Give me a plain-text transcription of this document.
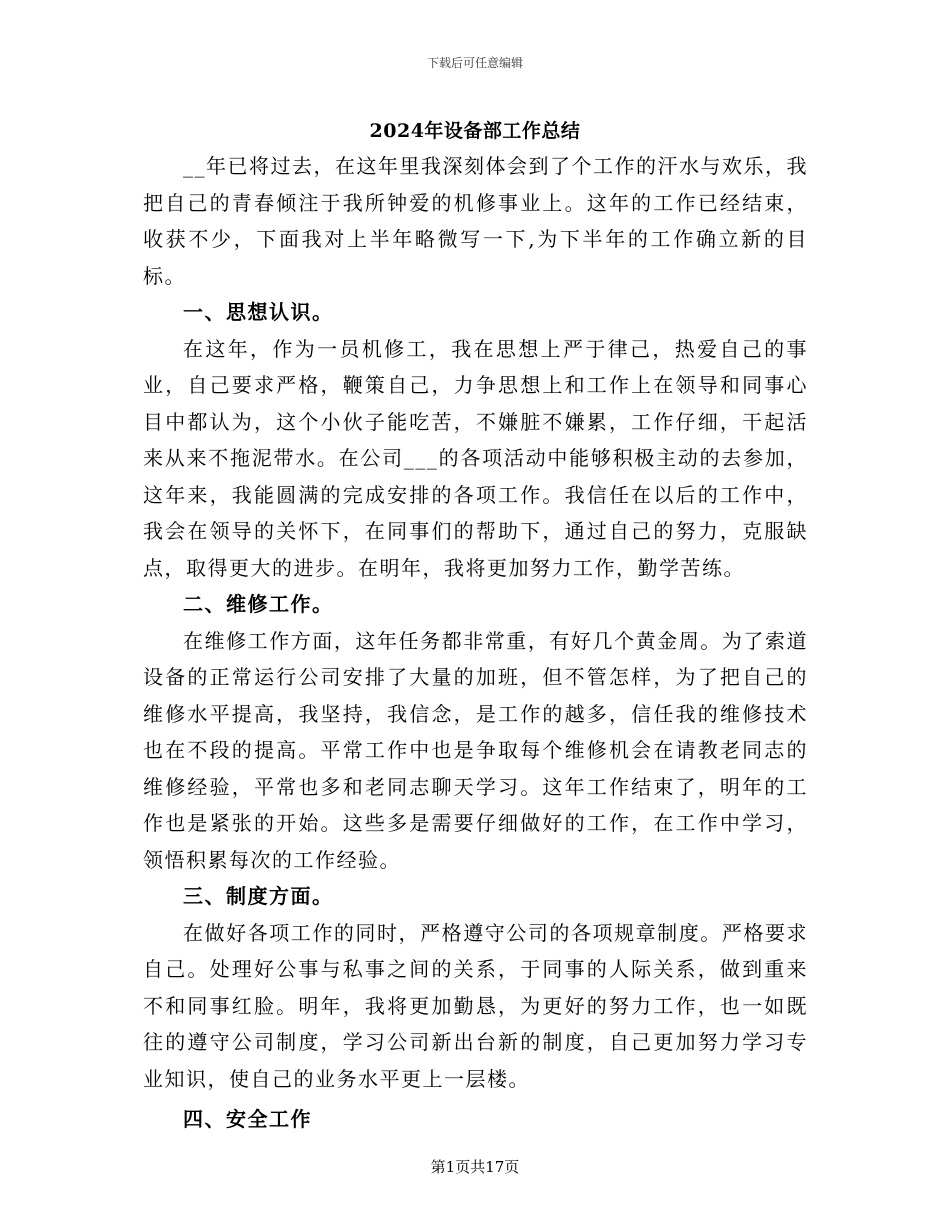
下载后可任意编辑
2024年设备部工作总结

__年已将过去，在这年里我深刻体会到了个工作的汗水与欢乐，我把自己的青春倾注于我所钟爱的机修事业上。这年的工作已经结束，收获不少，下面我对上半年略微写一下,为下半年的工作确立新的目标。

一、思想认识。

在这年，作为一员机修工，我在思想上严于律己，热爱自己的事业，自己要求严格，鞭策自己，力争思想上和工作上在领导和同事心目中都认为，这个小伙子能吃苦，不嫌脏不嫌累，工作仔细，干起活来从来不拖泥带水。在公司___的各项活动中能够积极主动的去参加，这年来，我能圆满的完成安排的各项工作。我信任在以后的工作中，我会在领导的关怀下，在同事们的帮助下，通过自己的努力，克服缺点，取得更大的进步。在明年，我将更加努力工作，勤学苦练。

二、维修工作。

在维修工作方面，这年任务都非常重，有好几个黄金周。为了索道设备的正常运行公司安排了大量的加班，但不管怎样，为了把自己的维修水平提高，我坚持，我信念，是工作的越多，信任我的维修技术也在不段的提高。平常工作中也是争取每个维修机会在请教老同志的维修经验，平常也多和老同志聊天学习。这年工作结束了，明年的工作也是紧张的开始。这些多是需要仔细做好的工作，在工作中学习，领悟积累每次的工作经验。

三、制度方面。

在做好各项工作的同时，严格遵守公司的各项规章制度。严格要求自己。处理好公事与私事之间的关系，于同事的人际关系，做到重来不和同事红脸。明年，我将更加勤恳，为更好的努力工作，也一如既往的遵守公司制度，学习公司新出台新的制度，自己更加努力学习专业知识，使自己的业务水平更上一层楼。

四、安全工作
第1页共17页
